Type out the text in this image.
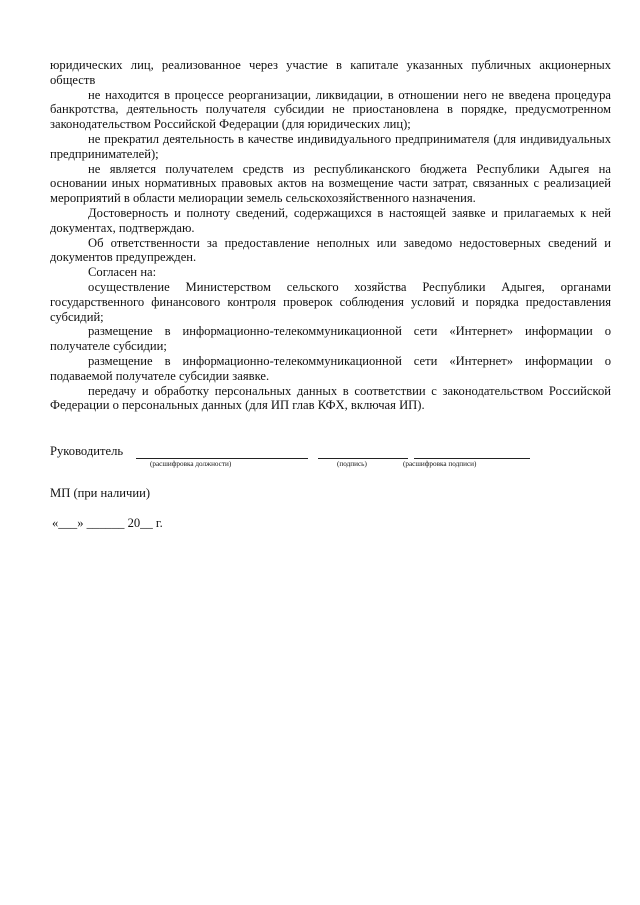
юридических лиц, реализованное через участие в капитале указанных публичных акционерных обществ

не находится в процессе реорганизации, ликвидации, в отношении него не введена процедура банкротства, деятельность получателя субсидии не приостановлена в порядке, предусмотренном законодательством Российской Федерации (для юридических лиц);

не прекратил деятельность в качестве индивидуального предпринимателя (для индивидуальных предпринимателей);

не является получателем средств из республиканского бюджета Республики Адыгея на основании иных нормативных правовых актов на возмещение части затрат, связанных с реализацией мероприятий в области мелиорации земель сельскохозяйственного назначения.

Достоверность и полноту сведений, содержащихся в настоящей заявке и прилагаемых к ней документах, подтверждаю.

Об ответственности за предоставление неполных или заведомо недостоверных сведений и документов предупрежден.

Согласен на:

осуществление Министерством сельского хозяйства Республики Адыгея, органами государственного финансового контроля проверок соблюдения условий и порядка предоставления субсидий;

размещение в информационно-телекоммуникационной сети «Интернет» информации о получателе субсидии;

размещение в информационно-телекоммуникационной сети «Интернет» информации о подаваемой получателе субсидии заявке.

передачу и обработку персональных данных в соответствии с законодательством Российской Федерации о персональных данных (для ИП глав КФХ, включая ИП).

Руководитель
(расшифровка должности)	(подпись)	(расшифровка подписи)
МП (при наличии)
«___» ______ 20__ г.
